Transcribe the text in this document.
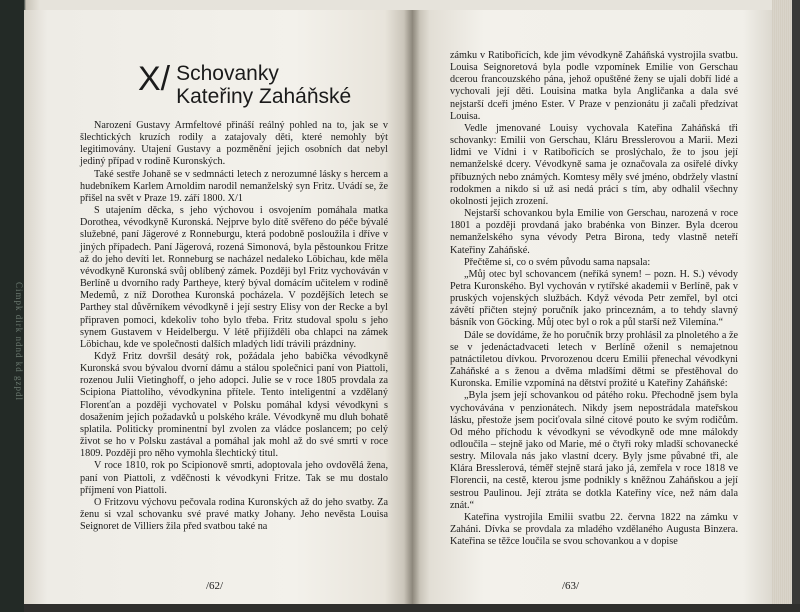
Cimpk dirk ndnd kd gzpdl
X/ Schovanky
Kateřiny Zaháňské

Narození Gustavy Armfeltové přináší reálný pohled na to, jak se v šlechtických kruzích rodily a zatajovaly děti, které nemohly být legitimovány. Utajení Gustavy a pozměnění jejich osobních dat nebyl jediný případ v rodině Kuronských.

Také sestře Johaně se v sedmnácti letech z nerozumné lásky s hercem a hudebníkem Karlem Arnoldim narodil nemanželský syn Fritz. Uvádí se, že přišel na svět v Praze 19. září 1800. X/1

S utajením děcka, s jeho výchovou i osvojením pomáhala matka Dorothea, vévodkyně Kuronská. Nejprve bylo dítě svěřeno do péče bývalé služebné, paní Jägerové z Ronneburgu, která podobně posloužila i dříve v jiných případech. Paní Jägerová, rozená Simonová, byla pěstounkou Fritze až do jeho devíti let. Ronneburg se nacházel nedaleko Löbichau, kde měla vévodkyně Kuronská svůj oblíbený zámek. Později byl Fritz vychováván v Berlíně u dvorního rady Partheye, který býval domácím učitelem v rodině Medemů, z níž Dorothea Kuronská pocházela. V pozdějších letech se Parthey stal důvěrníkem vévodkyně i její sestry Elisy von der Recke a byl připraven pomoci, kdekoliv toho bylo třeba. Fritz studoval spolu s jeho synem Gustavem v Heidelbergu. V létě přijížděli oba chlapci na zámek Löbichau, kde ve společnosti dalších mladých lidí trávili prázdniny.

Když Fritz dovršil desátý rok, požádala jeho babička vévodkyně Kuronská svou bývalou dvorní dámu a stálou společnici paní von Piattoli, rozenou Julii Vietinghoff, o jeho adopci. Julie se v roce 1805 provdala za Scipiona Piattoliho, vévodkynina přítele. Tento inteligentní a vzdělaný Florenťan a později vychovatel v Polsku pomáhal kdysi vévodkyni s dosažením jejích požadavků u polského krále. Vévodkyně mu dluh bohatě splatila. Politicky prominentní byl zvolen za vládce poslancem; po celý život se ho v Polsku zastával a pomáhal jak mohl až do své smrti v roce 1809. Později pro něho vymohla šlechtický titul.

V roce 1810, rok po Scipionově smrti, adoptovala jeho ovdovělá žena, paní von Piattoli, z vděčnosti k vévodkyni Fritze. Tak se mu dostalo příjmení von Piattoli.

O Fritzovu výchovu pečovala rodina Kuronských až do jeho svatby. Za ženu si vzal schovanku své pravé matky Johany. Jeho nevěsta Louisa Seignoret de Villiers žila před svatbou také na

/62/

zámku v Ratibořicích, kde jim vévodkyně Zaháňská vystrojila svatbu. Louisa Seignoretová byla podle vzpomínek Emilie von Gerschau dcerou francouzského pána, jehož opuštěné ženy se ujali dobří lidé a vychovali její děti. Louisina matka byla Angličanka a dala své nejstarší dceři jméno Ester. V Praze v penzionátu ji začali předzívat Louisa.

Vedle jmenované Louisy vychovala Kateřina Zaháňská tři schovanky: Emilii von Gerschau, Kláru Bresslerovou a Marii. Mezi lidmi ve Vídni i v Ratibořicích se proslýchalo, že to jsou její nemanželské dcery. Vévodkyně sama je označovala za osiřelé dívky příbuzných nebo známých. Komtesy měly své jméno, obdržely vlastní rodokmen a nikdo si už asi nedá práci s tím, aby odhalil všechny okolnosti jejich zrození.

Nejstarší schovankou byla Emilie von Gerschau, narozená v roce 1801 a později provdaná jako brabénka von Binzer. Byla dcerou nemanželského syna vévody Petra Birona, tedy vlastně neteří Kateřiny Zaháňské.

Přečtěme si, co o svém původu sama napsala:

„Můj otec byl schovancem (neříká synem! – pozn. H. S.) vévody Petra Kuronského. Byl vychován v rytířské akademii v Berlíně, pak v pruských vojenských službách. Když vévoda Petr zemřel, byl otci závětí přičten stejný poručník jako princeznám, a to tehdy slavný básník von Göcking. Můj otec byl o rok a půl starší než Vilemína.“

Dále se dovídáme, že ho poručník brzy prohlásil za plnoletého a že se v jedenáctadvaceti letech v Berlíně oženil s nemajetnou patnáctiletou dívkou. Prvorozenou dceru Emilii přenechal vévodkyni Zaháňské a s ženou a dvěma mladšími dětmi se přestěhoval do Kuronska. Emilie vzpomíná na dětství prožité u Kateřiny Zaháňské:

„Byla jsem její schovankou od pátého roku. Přechodně jsem byla vychovávána v penzionátech. Nikdy jsem nepostrádala mateřskou lásku, přestože jsem pociťovala silné citové pouto ke svým rodičům. Od mého příchodu k vévodkyni se vévodkyně ode mne málokdy odloučila – stejně jako od Marie, mé o čtyři roky mladší schovanecké sestry. Milovala nás jako vlastní dcery. Byly jsme půvabné tři, ale Klára Bresslerová, téměř stejně stará jako já, zemřela v roce 1818 ve Florencii, na cestě, kterou jsme podnikly s kněžnou Zaháňskou a její sestrou Paulinou. Její ztráta se dotkla Kateřiny více, než nám dala znát.“

Kateřina vystrojila Emilii svatbu 22. června 1822 na zámku v Zaháni. Dívka se provdala za mladého vzdělaného Augusta Binzera. Kateřina se těžce loučila se svou schovankou a v dopise

/63/
